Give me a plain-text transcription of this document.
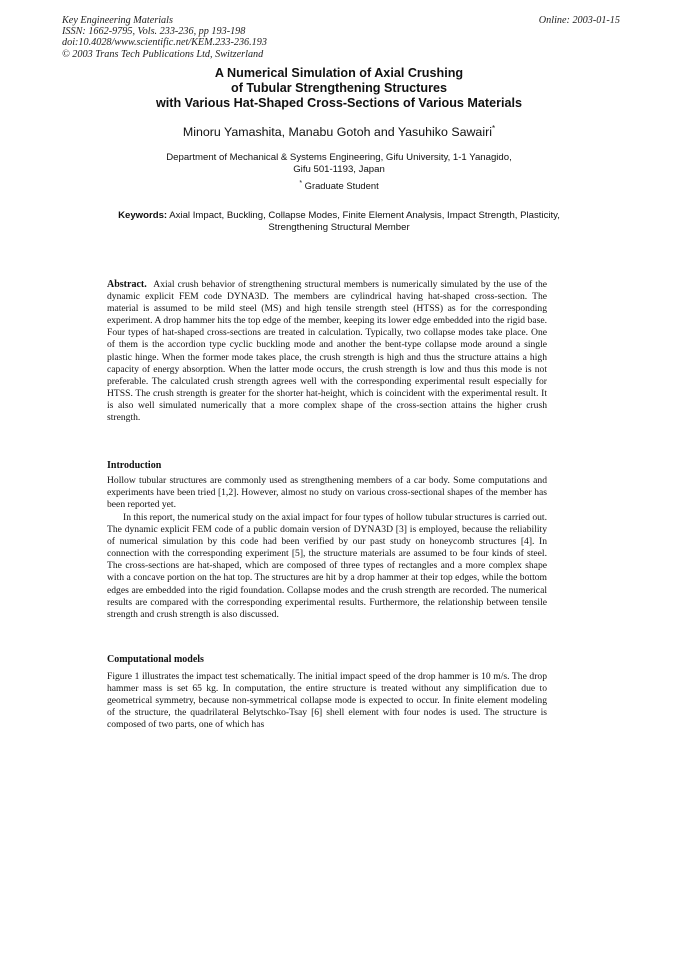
Key Engineering Materials
ISSN: 1662-9795, Vols. 233-236, pp 193-198
doi:10.4028/www.scientific.net/KEM.233-236.193
© 2003 Trans Tech Publications Ltd, Switzerland
Online: 2003-01-15
A Numerical Simulation of Axial Crushing
of Tubular Strengthening Structures
with Various Hat-Shaped Cross-Sections of Various Materials
Minoru Yamashita, Manabu Gotoh and Yasuhiko Sawairi*
Department of Mechanical & Systems Engineering, Gifu University, 1-1 Yanagido,
Gifu 501-1193, Japan
* Graduate Student
Keywords: Axial Impact, Buckling, Collapse Modes, Finite Element Analysis, Impact Strength, Plasticity, Strengthening Structural Member
Abstract. Axial crush behavior of strengthening structural members is numerically simulated by the use of the dynamic explicit FEM code DYNA3D. The members are cylindrical having hat-shaped cross-section. The material is assumed to be mild steel (MS) and high tensile strength steel (HTSS) as for the corresponding experiment. A drop hammer hits the top edge of the member, keeping its lower edge embedded into the rigid base. Four types of hat-shaped cross-sections are treated in calculation. Typically, two collapse modes take place. One of them is the accordion type cyclic buckling mode and another the bent-type collapse mode around a single plastic hinge. When the former mode takes place, the crush strength is high and thus the structure attains a high capacity of energy absorption. When the latter mode occurs, the crush strength is low and thus this mode is not preferable. The calculated crush strength agrees well with the corresponding experimental result especially for HTSS. The crush strength is greater for the shorter hat-height, which is coincident with the experimental result. It is also well simulated numerically that a more complex shape of the cross-section attains the higher crush strength.
Introduction
Hollow tubular structures are commonly used as strengthening members of a car body. Some computations and experiments have been tried [1,2]. However, almost no study on various cross-sectional shapes of the member has been reported yet.
In this report, the numerical study on the axial impact for four types of hollow tubular structures is carried out. The dynamic explicit FEM code of a public domain version of DYNA3D [3] is employed, because the reliability of numerical simulation by this code had been verified by our past study on honeycomb structures [4]. In connection with the corresponding experiment [5], the structure materials are assumed to be four kinds of steel. The cross-sections are hat-shaped, which are composed of three types of rectangles and a more complex shape with a concave portion on the hat top. The structures are hit by a drop hammer at their top edges, while the bottom edges are embedded into the rigid foundation. Collapse modes and the crush strength are recorded. The numerical results are compared with the corresponding experimental results. Furthermore, the relationship between tensile strength and crush strength is also discussed.
Computational models
Figure 1 illustrates the impact test schematically. The initial impact speed of the drop hammer is 10 m/s. The drop hammer mass is set 65 kg. In computation, the entire structure is treated without any simplification due to geometrical symmetry, because non-symmetrical collapse mode is expected to occur. In finite element modeling of the structure, the quadrilateral Belytschko-Tsay [6] shell element with four nodes is used. The structure is composed of two parts, one of which has
